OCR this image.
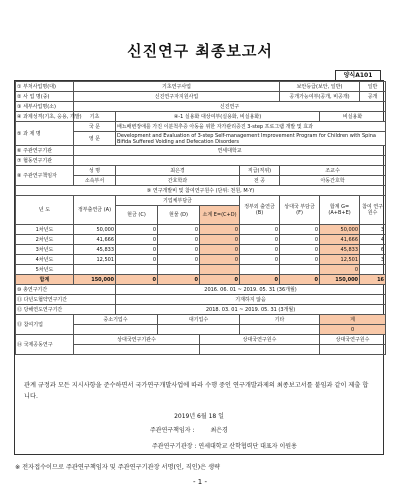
신진연구 최종보고서
양식A101
① 부처사업명(대)	기초연구사업					보안등급(보안, 일반)		일반
② 사 업 명(중)	신진연구자지원사업					공개가능여부(공개, 비공개)		공개
③ 세부사업명(소)	신진연구							
④ 과제성격(기초, 응용, 개발)	기초	④-1 실용화 대상여부(실용화, 비실용화)					비실용화	
⑤ 과 제 명	국 문	배뇨배변장애를 가진 이분척추증 아동을 위한 자가관리증진 3-step 프로그램 개발 및 효과						
	영 문	Development and Evaluation of 3-step Self-management Improvement Program for Children with Spina Bifida Suffered Voiding and Defecation Disorders						
⑥ 주관연구기관	연세대학교							
⑦ 협동연구기관								
⑧ 주관연구책임자	성 명	최은경			직급(직위)	조교수		
	소속부서	간호학과			전 공	아동간호학		
⑨ 연구개발비 및 참여연구원수 (단위: 천원, M·Y)								
년 도	정부출연금 (A)	기업체부담금			정부외 출연금 (B)	상대국 부담금 (F)	합계 G=(A+B+E)	참여 연구원수
		현금 (C)	현물 (D)	소계 E=(C+D)				
1차년도	50,000	0	0	0	0	0	50,000	3
2차년도	41,666	0	0	0	0	0	41,666	4
3차년도	45,833	0	0	0	0	0	45,833	6
4차년도	12,501	0	0	0	0	0	12,501	3
5차년도							0	
합계	150,000	0	0	0	0	0	150,000	16
⑩ 총연구기간		2016. 06. 01 ~ 2019. 05. 31 (36개월)						
⑪ 다년도협약연구기간		기재하지 않음						
⑫ 당해연도연구기간		2018. 03. 01 ~ 2019. 05. 31 (3개월)						
⑬ 참여기업	중소기업수		대기업수		기타		계	
							0	
⑭ 국제공동연구	상대국연구기관수			상대국연구원수			상대국연구원수	

관계 규정과 모든 지시사항을 준수하면서 국가연구개발사업에 따라 수행 중인 연구개발과제의 최종보고서를 붙임과 같이 제출 합니다.
2019년 6월 18 일
주관연구책임자 :	최은경
주관연구기관장 : 연세대학교 산학협력단 대표자 이원용
※ 전자접수이므로 주관연구책임자 및 주관연구기관장 서명(인, 직인)은 생략
- 1 -
